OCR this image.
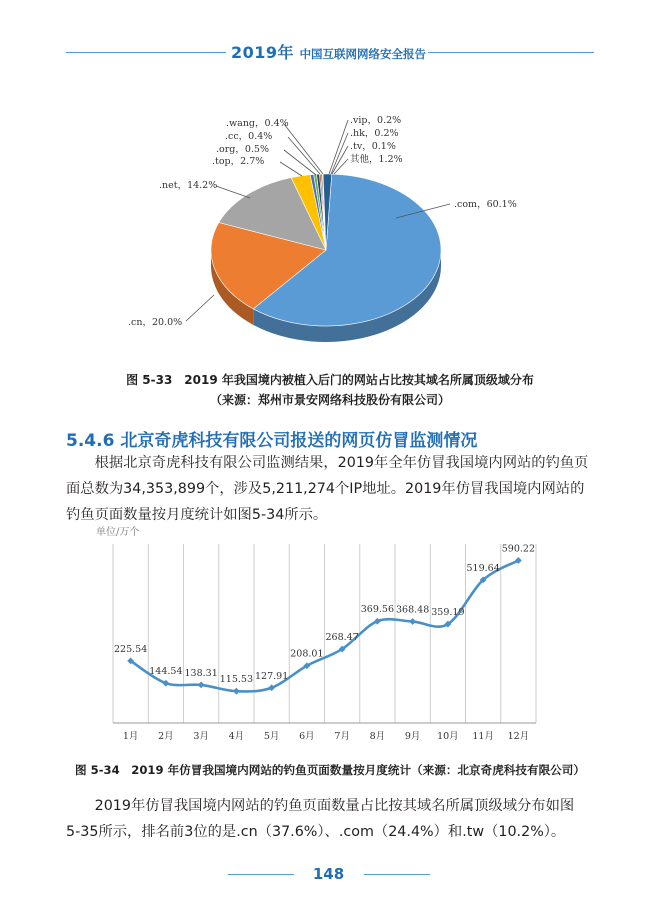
2019年 中国互联网网络安全报告
.com，60.1%
.cn，20.0%
.net，14.2%
.top，2.7%
.org，0.5%
.cc，0.4%
.wang，0.4%	.vip，0.2%
.hk，0.2%
.tv，0.1%
其他，1.2%
图 5-33　2019 年我国境内被植入后门的网站占比按其域名所属顶级域分布
（来源：郑州市景安网络科技股份有限公司）
5.4.6 北京奇虎科技有限公司报送的网页仿冒监测情况

根据北京奇虎科技有限公司监测结果，2019年全年仿冒我国境内网站的钓鱼页

面总数为34,353,899个，涉及5,211,274个IP地址。2019年仿冒我国境内网站的

钓鱼页面数量按月度统计如图5-34所示。

单位/万个
225.54
144.54 138.31
115.53 127.91
208.01
268.47
369.56 368.48 359.19
519.64
590.22
1月 2月 3月 4月 5月 6月 7月 8月 9月 10月 11月 12月
图 5-34　2019 年仿冒我国境内网站的钓鱼页面数量按月度统计（来源：北京奇虎科技有限公司）

2019年仿冒我国境内网站的钓鱼页面数量占比按其域名所属顶级域分布如图

5-35所示，排名前3位的是.cn（37.6%）、.com（24.4%）和.tw（10.2%）。

148
